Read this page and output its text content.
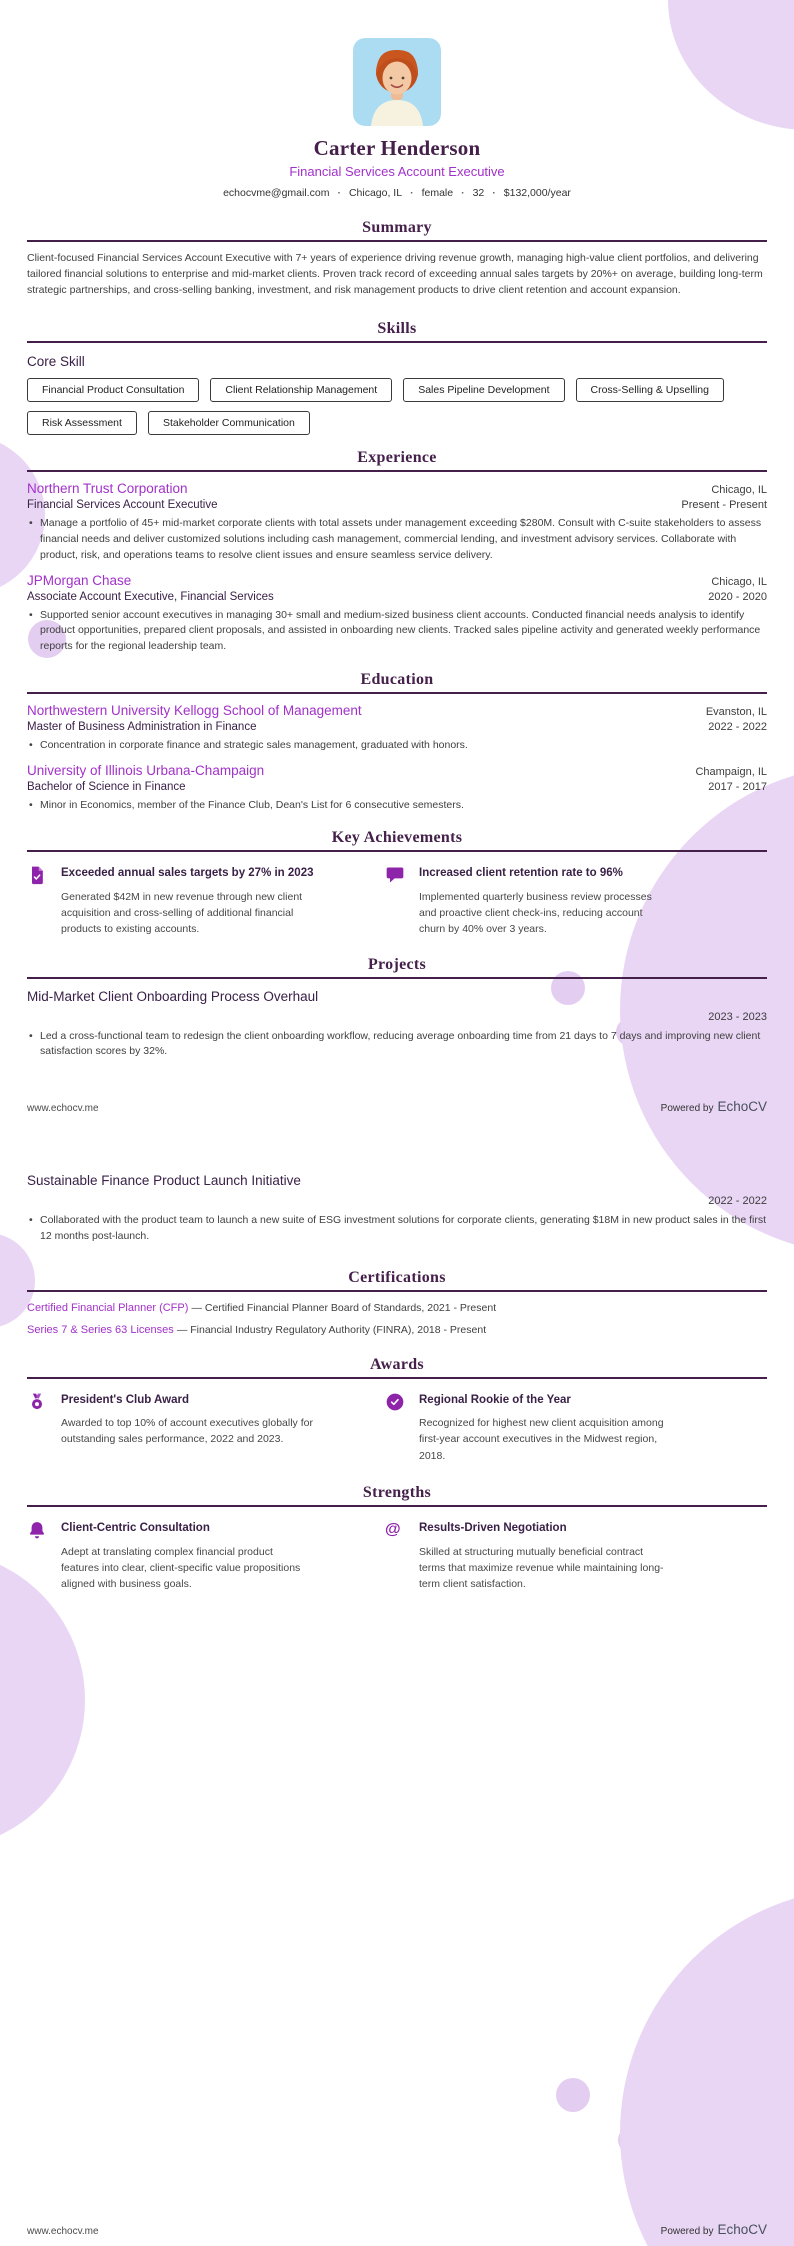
Carter Henderson
Financial Services Account Executive
echocvme@gmail.com · Chicago, IL · female · 32 · $132,000/year
Summary

Client-focused Financial Services Account Executive with 7+ years of experience driving revenue growth, managing high-value client portfolios, and delivering tailored financial solutions to enterprise and mid-market clients. Proven track record of exceeding annual sales targets by 20%+ on average, building long-term strategic partnerships, and cross-selling banking, investment, and risk management products to drive client retention and account expansion.

Skills
Core Skill
Financial Product Consultation	Client Relationship Management	Sales Pipeline Development	Cross-Selling & Upselling
Risk Assessment	Stakeholder Communication
Experience
Northern Trust Corporation	Chicago, IL
Financial Services Account Executive	Present - Present
• Manage a portfolio of 45+ mid-market corporate clients with total assets under management exceeding $280M. Consult with C-suite stakeholders to assess financial needs and deliver customized solutions including cash management, commercial lending, and investment advisory services. Collaborate with product, risk, and operations teams to resolve client issues and ensure seamless service delivery.
JPMorgan Chase	Chicago, IL
Associate Account Executive, Financial Services	2020 - 2020
• Supported senior account executives in managing 30+ small and medium-sized business client accounts. Conducted financial needs analysis to identify product opportunities, prepared client proposals, and assisted in onboarding new clients. Tracked sales pipeline activity and generated weekly performance reports for the regional leadership team.
Education
Northwestern University Kellogg School of Management	Evanston, IL
Master of Business Administration in Finance	2022 - 2022
• Concentration in corporate finance and strategic sales management, graduated with honors.
University of Illinois Urbana-Champaign	Champaign, IL
Bachelor of Science in Finance	2017 - 2017
• Minor in Economics, member of the Finance Club, Dean's List for 6 consecutive semesters.
Key Achievements
Exceeded annual sales targets by 27% in 2023
Generated $42M in new revenue through new client acquisition and cross-selling of additional financial products to existing accounts.
Increased client retention rate to 96%
Implemented quarterly business review processes and proactive client check-ins, reducing account churn by 40% over 3 years.
Projects
Mid-Market Client Onboarding Process Overhaul
2023 - 2023
• Led a cross-functional team to redesign the client onboarding workflow, reducing average onboarding time from 21 days to 7 days and improving new client satisfaction scores by 32%.
www.echocv.me	Powered by EchoCV
Sustainable Finance Product Launch Initiative
2022 - 2022
• Collaborated with the product team to launch a new suite of ESG investment solutions for corporate clients, generating $18M in new product sales in the first 12 months post-launch.
Certifications
Certified Financial Planner (CFP) — Certified Financial Planner Board of Standards, 2021 - Present
Series 7 & Series 63 Licenses — Financial Industry Regulatory Authority (FINRA), 2018 - Present
Awards
President's Club Award
Awarded to top 10% of account executives globally for outstanding sales performance, 2022 and 2023.
Regional Rookie of the Year
Recognized for highest new client acquisition among first-year account executives in the Midwest region, 2018.
Strengths
Client-Centric Consultation
Adept at translating complex financial product features into clear, client-specific value propositions aligned with business goals.
@	Results-Driven Negotiation
Skilled at structuring mutually beneficial contract terms that maximize revenue while maintaining long-term client satisfaction.
www.echocv.me	Powered by EchoCV
